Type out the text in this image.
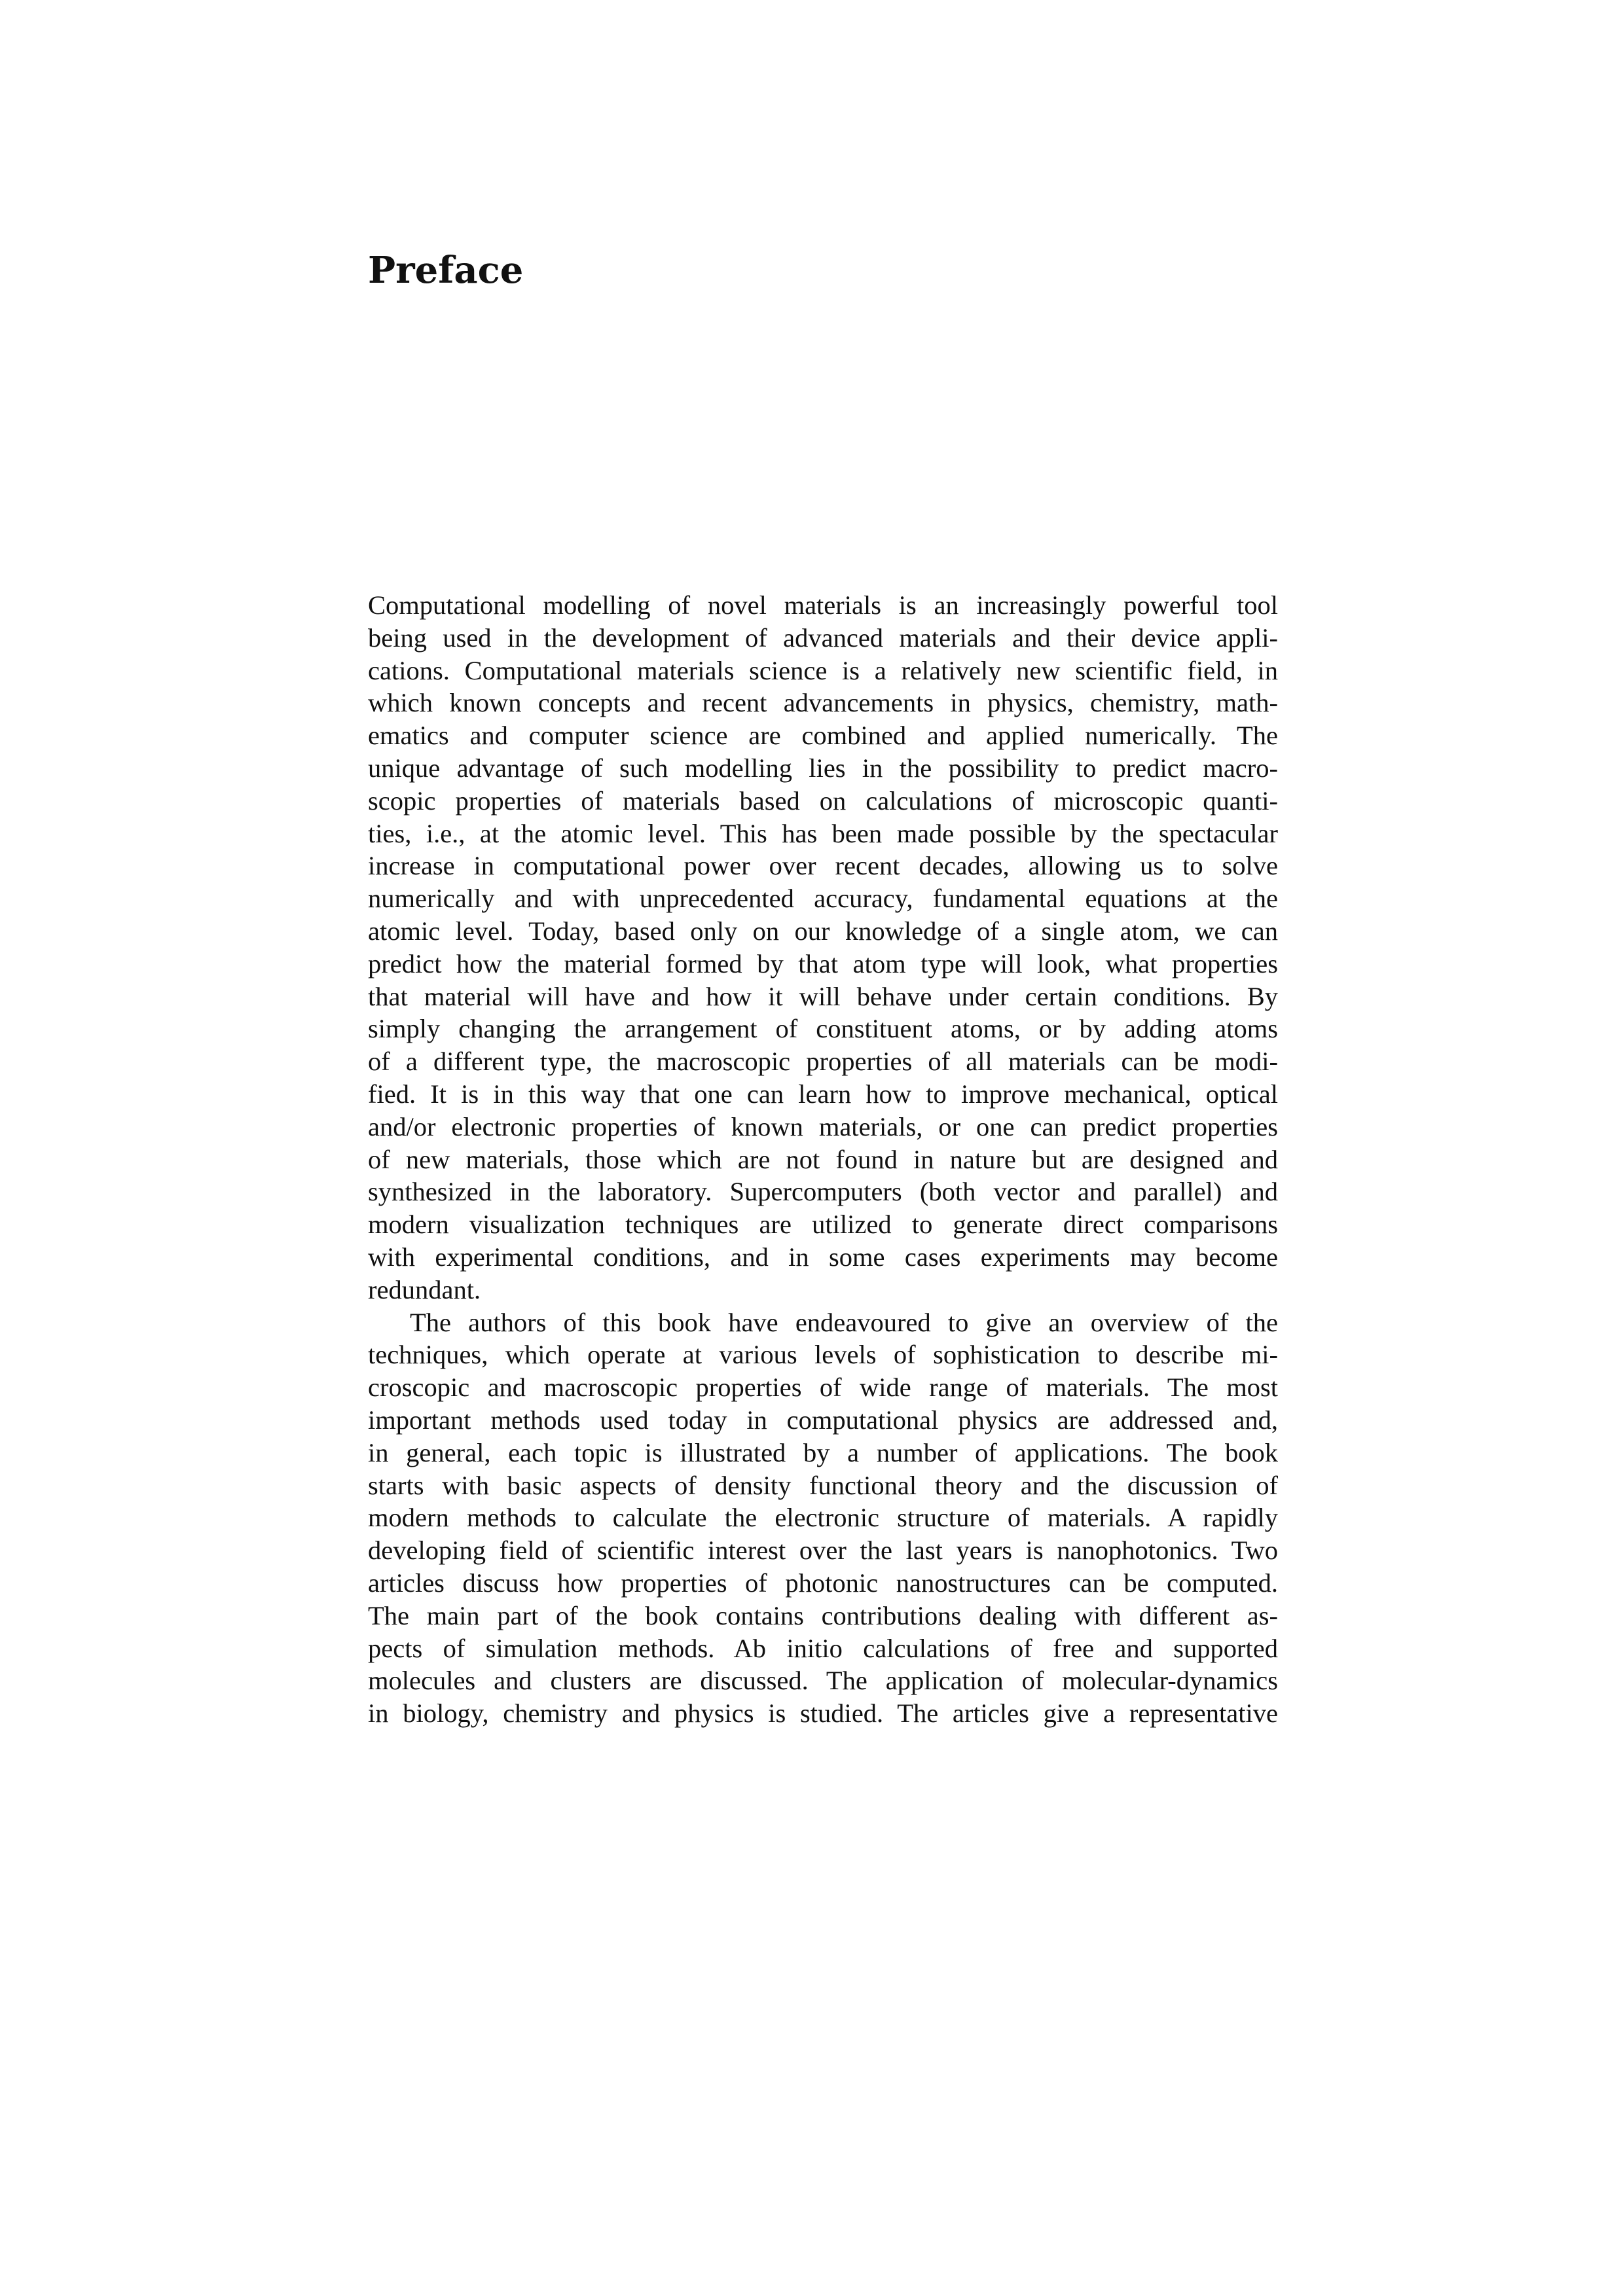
Preface
Computational modelling of novel materials is an increasingly powerful tool
being used in the development of advanced materials and their device appli-
cations. Computational materials science is a relatively new scientific field, in
which known concepts and recent advancements in physics, chemistry, math-
ematics and computer science are combined and applied numerically. The
unique advantage of such modelling lies in the possibility to predict macro-
scopic properties of materials based on calculations of microscopic quanti-
ties, i.e., at the atomic level. This has been made possible by the spectacular
increase in computational power over recent decades, allowing us to solve
numerically and with unprecedented accuracy, fundamental equations at the
atomic level. Today, based only on our knowledge of a single atom, we can
predict how the material formed by that atom type will look, what properties
that material will have and how it will behave under certain conditions. By
simply changing the arrangement of constituent atoms, or by adding atoms
of a different type, the macroscopic properties of all materials can be modi-
fied. It is in this way that one can learn how to improve mechanical, optical
and/or electronic properties of known materials, or one can predict properties
of new materials, those which are not found in nature but are designed and
synthesized in the laboratory. Supercomputers (both vector and parallel) and
modern visualization techniques are utilized to generate direct comparisons
with experimental conditions, and in some cases experiments may become
redundant.
The authors of this book have endeavoured to give an overview of the
techniques, which operate at various levels of sophistication to describe mi-
croscopic and macroscopic properties of wide range of materials. The most
important methods used today in computational physics are addressed and,
in general, each topic is illustrated by a number of applications. The book
starts with basic aspects of density functional theory and the discussion of
modern methods to calculate the electronic structure of materials. A rapidly
developing field of scientific interest over the last years is nanophotonics. Two
articles discuss how properties of photonic nanostructures can be computed.
The main part of the book contains contributions dealing with different as-
pects of simulation methods. Ab initio calculations of free and supported
molecules and clusters are discussed. The application of molecular-dynamics
in biology, chemistry and physics is studied. The articles give a representative
